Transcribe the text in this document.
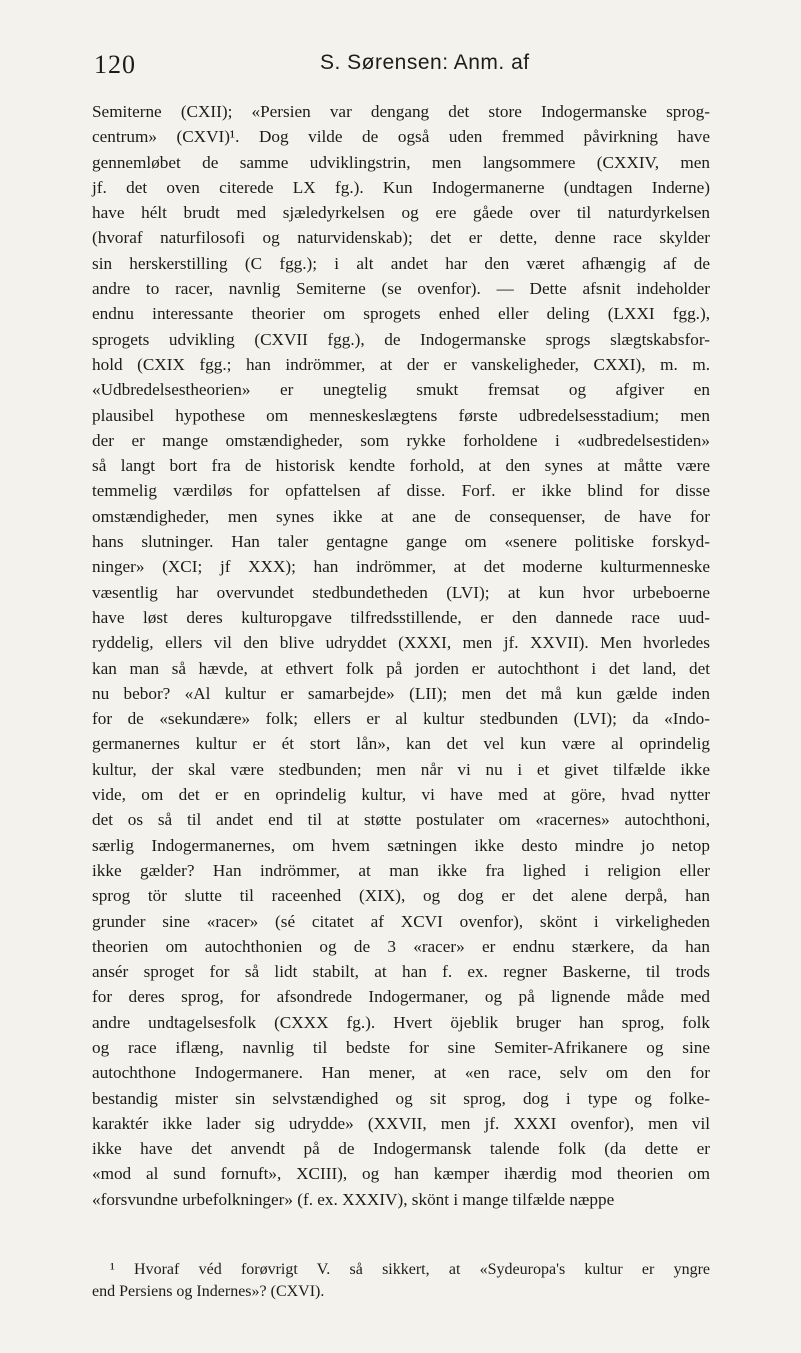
120	S. Sørensen: Anm. af
Semiterne (CXII); «Persien var dengang det store Indogermanske sprog-
centrum» (CXVI)¹. Dog vilde de også uden fremmed påvirkning have
gennemløbet de samme udviklingstrin, men langsommere (CXXIV, men
jf. det oven citerede LX fg.). Kun Indogermanerne (undtagen Inderne)
have hélt brudt med sjæledyrkelsen og ere gåede over til naturdyrkelsen
(hvoraf naturfilosofi og naturvidenskab); det er dette, denne race skylder
sin herskerstilling (C fgg.); i alt andet har den været afhængig af de
andre to racer, navnlig Semiterne (se ovenfor). — Dette afsnit indeholder
endnu interessante theorier om sprogets enhed eller deling (LXXI fgg.),
sprogets udvikling (CXVII fgg.), de Indogermanske sprogs slægtskabsfor-
hold (CXIX fgg.; han indrömmer, at der er vanskeligheder, CXXI), m. m.
«Udbredelsestheorien» er unegtelig smukt fremsat og afgiver en
plausibel hypothese om menneskeslægtens første udbredelsesstadium; men
der er mange omstændigheder, som rykke forholdene i «udbredelsestiden»
så langt bort fra de historisk kendte forhold, at den synes at måtte være
temmelig værdiløs for opfattelsen af disse. Forf. er ikke blind for disse
omstændigheder, men synes ikke at ane de consequenser, de have for
hans slutninger. Han taler gentagne gange om «senere politiske forskyd-
ninger» (XCI; jf XXX); han indrömmer, at det moderne kulturmenneske
væsentlig har overvundet stedbundetheden (LVI); at kun hvor urbeboerne
have løst deres kulturopgave tilfredsstillende, er den dannede race uud-
ryddelig, ellers vil den blive udryddet (XXXI, men jf. XXVII). Men hvorledes
kan man så hævde, at ethvert folk på jorden er autochthont i det land, det
nu bebor? «Al kultur er samarbejde» (LII); men det må kun gælde inden
for de «sekundære» folk; ellers er al kultur stedbunden (LVI); da «Indo-
germanernes kultur er ét stort lån», kan det vel kun være al oprindelig
kultur, der skal være stedbunden; men når vi nu i et givet tilfælde ikke
vide, om det er en oprindelig kultur, vi have med at göre, hvad nytter
det os så til andet end til at støtte postulater om «racernes» autochthoni,
særlig Indogermanernes, om hvem sætningen ikke desto mindre jo netop
ikke gælder? Han indrömmer, at man ikke fra lighed i religion eller
sprog tör slutte til raceenhed (XIX), og dog er det alene derpå, han
grunder sine «racer» (sé citatet af XCVI ovenfor), skönt i virkeligheden
theorien om autochthonien og de 3 «racer» er endnu stærkere, da han
ansér sproget for så lidt stabilt, at han f. ex. regner Baskerne, til trods
for deres sprog, for afsondrede Indogermaner, og på lignende måde med
andre undtagelsesfolk (CXXX fg.). Hvert öjeblik bruger han sprog, folk
og race iflæng, navnlig til bedste for sine Semiter-Afrikanere og sine
autochthone Indogermanere. Han mener, at «en race, selv om den for
bestandig mister sin selvstændighed og sit sprog, dog i type og folke-
karaktér ikke lader sig udrydde» (XXVII, men jf. XXXI ovenfor), men vil
ikke have det anvendt på de Indogermansk talende folk (da dette er
«mod al sund fornuft», XCIII), og han kæmper ihærdig mod theorien om
«forsvundne urbefolkninger» (f. ex. XXXIV), skönt i mange tilfælde næppe
¹ Hvoraf véd forøvrigt V. så sikkert, at «Sydeuropa's kultur er yngre
end Persiens og Indernes»? (CXVI).
